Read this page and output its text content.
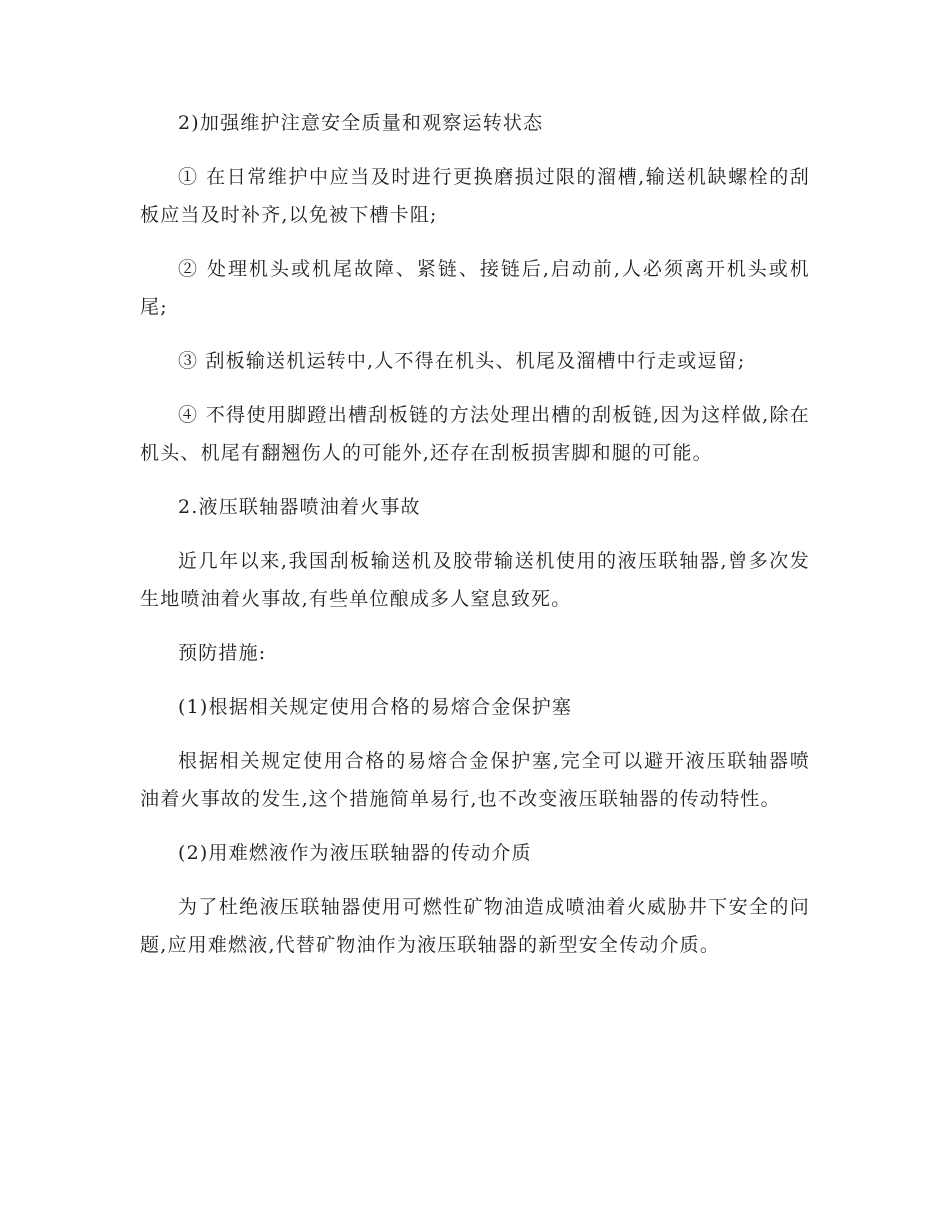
2)加强维护注意安全质量和观察运转状态

① 在日常维护中应当及时进行更换磨损过限的溜槽,输送机缺螺栓的刮板应当及时补齐,以免被下槽卡阻;

② 处理机头或机尾故障、紧链、接链后,启动前,人必须离开机头或机尾;

③ 刮板输送机运转中,人不得在机头、机尾及溜槽中行走或逗留;

④ 不得使用脚蹬出槽刮板链的方法处理出槽的刮板链,因为这样做,除在机头、机尾有翻翘伤人的可能外,还存在刮板损害脚和腿的可能。

2.液压联轴器喷油着火事故

近几年以来,我国刮板输送机及胶带输送机使用的液压联轴器,曾多次发生地喷油着火事故,有些单位酿成多人窒息致死。

预防措施:

(1)根据相关规定使用合格的易熔合金保护塞

根据相关规定使用合格的易熔合金保护塞,完全可以避开液压联轴器喷油着火事故的发生,这个措施简单易行,也不改变液压联轴器的传动特性。

(2)用难燃液作为液压联轴器的传动介质

为了杜绝液压联轴器使用可燃性矿物油造成喷油着火威胁井下安全的问题,应用难燃液,代替矿物油作为液压联轴器的新型安全传动介质。
